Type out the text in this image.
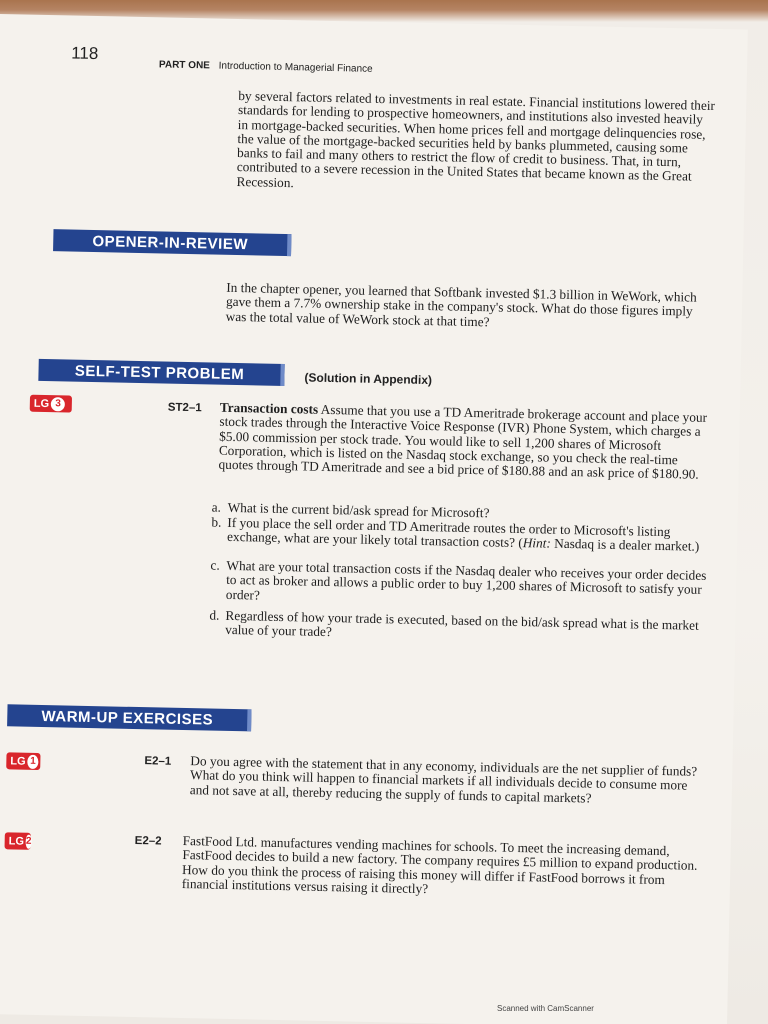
118
PART ONE Introduction to Managerial Finance
by several factors related to investments in real estate. Financial institutions lowered their standards for lending to prospective homeowners, and institutions also invested heavily in mortgage-backed securities. When home prices fell and mortgage delinquencies rose, the value of the mortgage-backed securities held by banks plummeted, causing some banks to fail and many others to restrict the flow of credit to business. That, in turn, contributed to a severe recession in the United States that became known as the Great Recession.
OPENER-IN-REVIEW
In the chapter opener, you learned that Softbank invested $1.3 billion in WeWork, which gave them a 7.7% ownership stake in the company's stock. What do those figures imply was the total value of WeWork stock at that time?
SELF-TEST PROBLEM	(Solution in Appendix)
LG 3	ST2–1 Transaction costs Assume that you use a TD Ameritrade brokerage account and place your stock trades through the Interactive Voice Response (IVR) Phone System, which charges a $5.00 commission per stock trade. You would like to sell 1,200 shares of Microsoft Corporation, which is listed on the Nasdaq stock exchange, so you check the real-time quotes through TD Ameritrade and see a bid price of $180.88 and an ask price of $180.90.
a. What is the current bid/ask spread for Microsoft?
b. If you place the sell order and TD Ameritrade routes the order to Microsoft's listing exchange, what are your likely total transaction costs? (Hint: Nasdaq is a dealer market.)
c. What are your total transaction costs if the Nasdaq dealer who receives your order decides to act as broker and allows a public order to buy 1,200 shares of Microsoft to satisfy your order?
d. Regardless of how your trade is executed, based on the bid/ask spread what is the market value of your trade?
WARM-UP EXERCISES
LG 1	E2–1 Do you agree with the statement that in any economy, individuals are the net supplier of funds? What do you think will happen to financial markets if all individuals decide to consume more and not save at all, thereby reducing the supply of funds to capital markets?
LG 2	E2–2 FastFood Ltd. manufactures vending machines for schools. To meet the increasing demand, FastFood decides to build a new factory. The company requires £5 million to expand production. How do you think the process of raising this money will differ if FastFood borrows it from financial institutions versus raising it directly?
Scanned with CamScanner
